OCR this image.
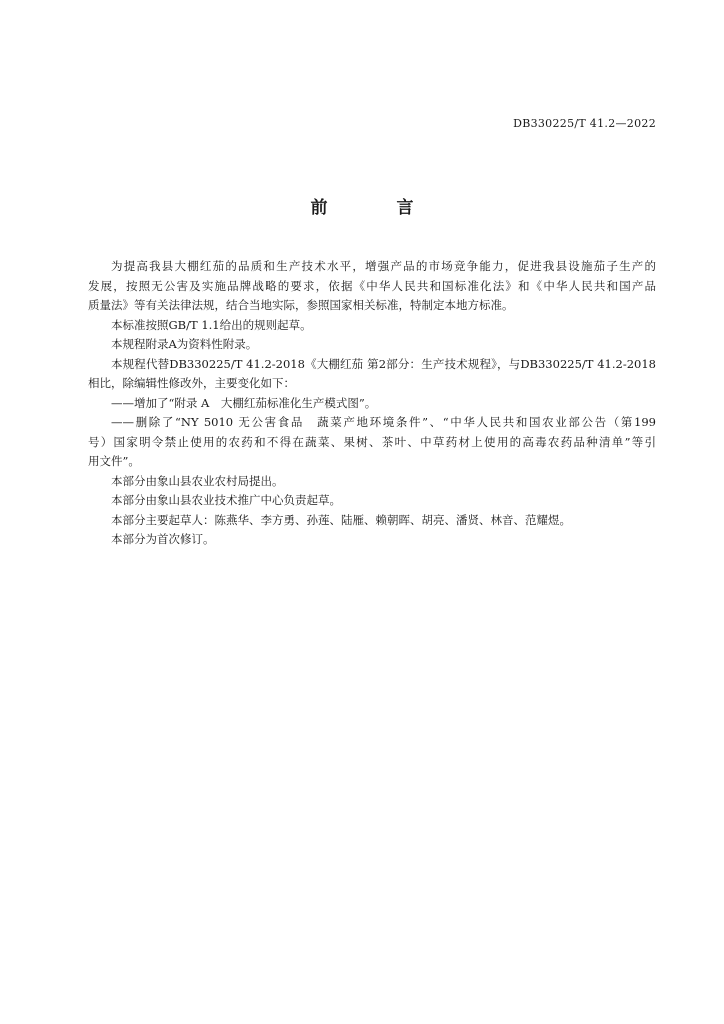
DB330225/T 41.2—2022
前　言
为提高我县大棚红茄的品质和生产技术水平，增强产品的市场竞争能力，促进我县设施茄子生产的
发展，按照无公害及实施品牌战略的要求，依据《中华人民共和国标准化法》和《中华人民共和国产品
质量法》等有关法律法规，结合当地实际，参照国家相关标准，特制定本地方标准。
本标准按照GB/T 1.1给出的规则起草。
本规程附录A为资料性附录。
本规程代替DB330225/T 41.2-2018《大棚红茄 第2部分：生产技术规程》，与DB330225/T 41.2-2018
相比，除编辑性修改外，主要变化如下：
——增加了“附录 A　大棚红茄标准化生产模式图”。
——删除了“NY 5010 无公害食品　蔬菜产地环境条件”、“中华人民共和国农业部公告（第199
号）国家明令禁止使用的农药和不得在蔬菜、果树、茶叶、中草药材上使用的高毒农药品种清单”等引
用文件”。
本部分由象山县农业农村局提出。
本部分由象山县农业技术推广中心负责起草。
本部分主要起草人：陈燕华、李方勇、孙莲、陆雁、赖朝晖、胡亮、潘贤、林音、范耀煜。
本部分为首次修订。
